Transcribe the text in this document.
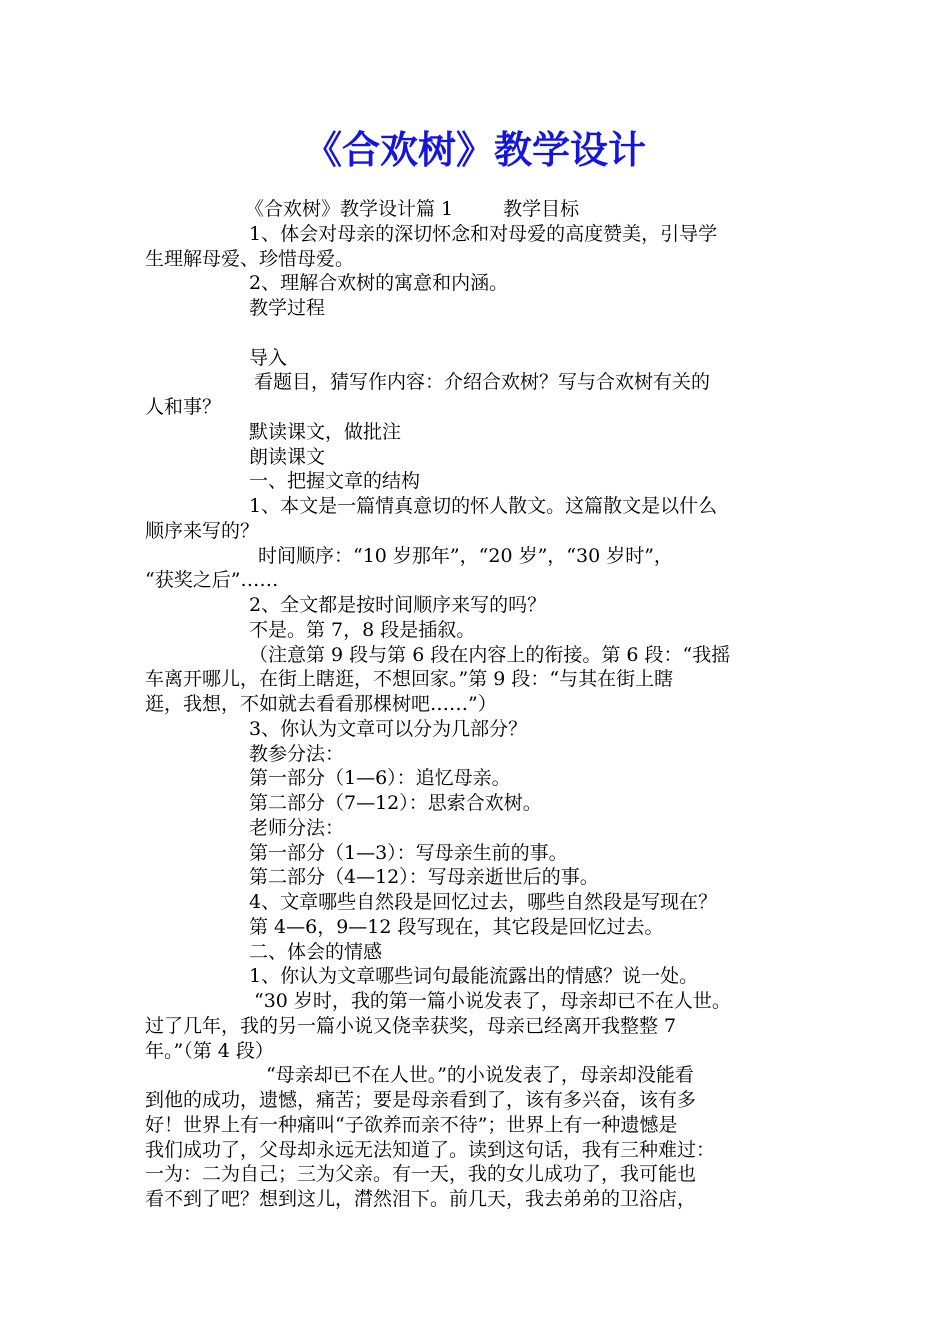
《合欢树》教学设计

《合欢树》教学设计篇 1	教学目标

1、体会对母亲的深切怀念和对母爱的高度赞美，引导学

生理解母爱、珍惜母爱。

2、理解合欢树的寓意和内涵。

教学过程

导入

看题目，猜写作内容：介绍合欢树？写与合欢树有关的

人和事？

默读课文，做批注

朗读课文

一、把握文章的结构

1、本文是一篇情真意切的怀人散文。这篇散文是以什么

顺序来写的？

时间顺序：“10 岁那年”，“20 岁”，“30 岁时”，

“获奖之后”……

2、全文都是按时间顺序来写的吗？

不是。第 7，8 段是插叙。

（注意第 9 段与第 6 段在内容上的衔接。第 6 段：“我摇

车离开哪儿，在街上瞎逛，不想回家。”第 9 段：“与其在街上瞎

逛，我想，不如就去看看那棵树吧……”）

3、你认为文章可以分为几部分？

教参分法：

第一部分（1—6）：追忆母亲。

第二部分（7—12）：思索合欢树。

老师分法：

第一部分（1—3）：写母亲生前的事。

第二部分（4—12）：写母亲逝世后的事。

4、文章哪些自然段是回忆过去，哪些自然段是写现在？

第 4—6，9—12 段写现在，其它段是回忆过去。

二、体会的情感

1、你认为文章哪些词句最能流露出的情感？说一处。

“30 岁时，我的第一篇小说发表了，母亲却已不在人世。

过了几年，我的另一篇小说又侥幸获奖，母亲已经离开我整整 7

年。”（第 4 段）

“母亲却已不在人世。”的小说发表了，母亲却没能看

到他的成功，遗憾，痛苦；要是母亲看到了，该有多兴奋，该有多

好！世界上有一种痛叫“子欲养而亲不待”；世界上有一种遗憾是

我们成功了，父母却永远无法知道了。读到这句话，我有三种难过：

一为：二为自己；三为父亲。有一天，我的女儿成功了，我可能也

看不到了吧？想到这儿，潸然泪下。前几天，我去弟弟的卫浴店，
